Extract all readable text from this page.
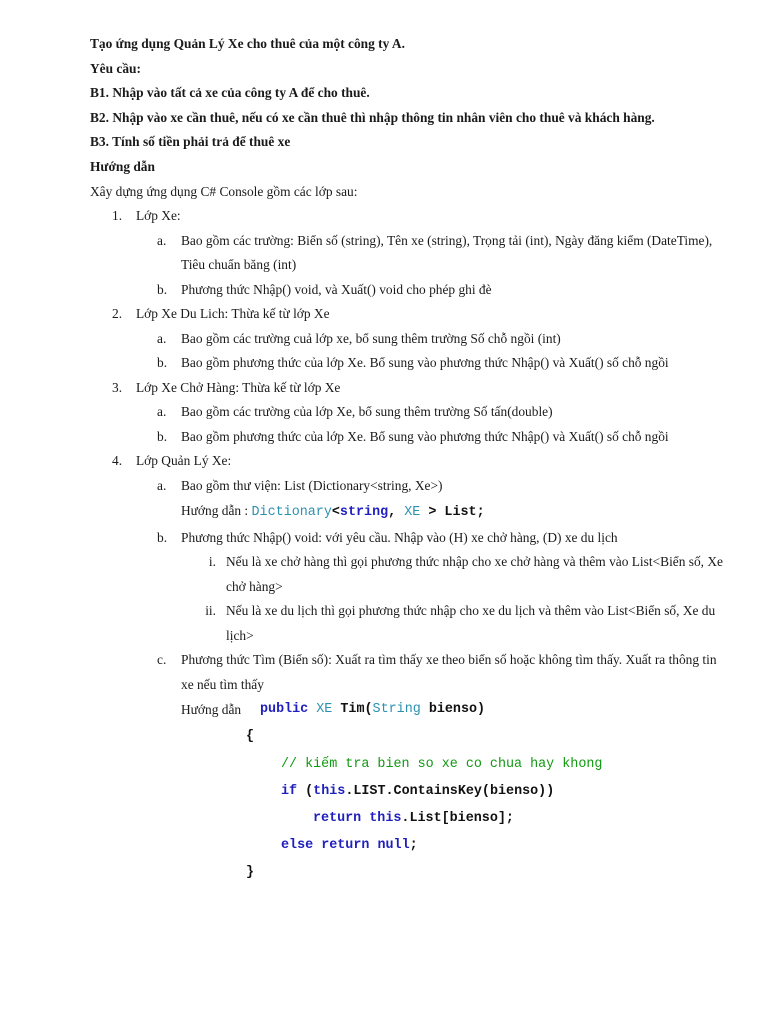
Tạo ứng dụng Quản Lý Xe cho thuê của một công ty A.
Yêu cầu:
B1. Nhập vào tất cả xe của công ty A để cho thuê.
B2. Nhập vào xe cần thuê, nếu có xe cần thuê thì nhập thông tin nhân viên cho thuê và khách hàng.
B3. Tính số tiền phải trả để thuê xe
Hướng dẫn
Xây dựng ứng dụng C# Console gồm các lớp sau:
1. Lớp Xe:
a. Bao gồm các trường: Biển số (string), Tên xe (string), Trọng tải (int), Ngày đăng kiểm (DateTime),
Tiêu chuẩn băng (int)
b. Phương thức Nhập() void, và Xuất() void cho phép ghi đè
2. Lớp Xe Du Lich: Thừa kế từ lớp Xe
a. Bao gồm các trường cuả lớp xe, bổ sung thêm trường Số chỗ ngồi (int)
b. Bao gồm phương thức của lớp Xe. Bổ sung vào phương thức Nhập() và Xuất() số chỗ ngồi
3. Lớp Xe Chở Hàng: Thừa kế từ lớp Xe
a. Bao gồm các trường của lớp Xe, bổ sung thêm trường Số tấn(double)
b. Bao gồm phương thức của lớp Xe. Bổ sung vào phương thức Nhập() và Xuất() số chỗ ngồi
4. Lớp Quản Lý Xe:
a. Bao gồm thư viện: List (Dictionary<string, Xe>)
Hướng dẫn : Dictionary<string, XE > List;
b. Phương thức Nhập() void: với yêu cầu. Nhập vào (H) xe chở hàng, (D) xe du lịch
i. Nếu là xe chở hàng thì gọi phương thức nhập cho xe chở hàng và thêm vào List<Biển số, Xe
chở hàng>
ii. Nếu là xe du lịch thì gọi phương thức nhập cho xe du lịch và thêm vào List<Biển số, Xe du
lịch>
c. Phương thức Tìm (Biển số): Xuất ra tìm thấy xe theo biển số hoặc không tìm thấy. Xuất ra thông tin
xe nếu tìm thấy
Hướng dẫn public XE Tim(String bienso)
{
// kiếm tra bien so xe co chua hay khong
if (this.LIST.ContainsKey(bienso))
return this.List[bienso];
else return null;
}
